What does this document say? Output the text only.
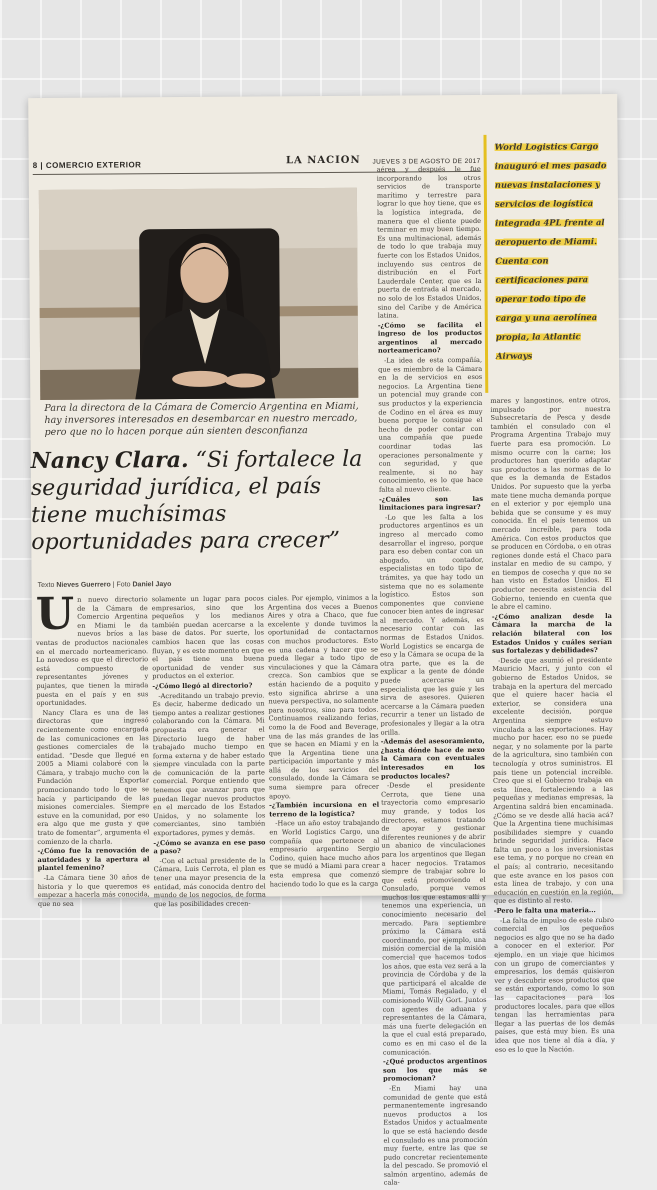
8 | COMERCIO EXTERIOR	LA NACION JUEVES 3 DE AGOSTO DE 2017
Para la directora de la Cámara de Comercio Argentina en Miami, hay inversores interesados en desembarcar en nuestro mercado, pero que no lo hacen porque aún sienten desconfianza
Nancy Clara. “Si fortalece la seguridad jurídica, el país tiene muchísimas oportunidades para crecer”
Texto Nieves Guerrero | Foto Daniel Jayo
World Logistics Cargo inauguró el mes pasado nuevas instalaciones y servicios de logística integrada 4PL frente al aeropuerto de Miami. Cuenta con certificaciones para operar todo tipo de carga y una aerolínea propia, la Atlantic Airways
U n nuevo directorio de la Cámara de Comercio Argentina en Miami le da nuevos bríos a las ventas de productos nacionales en el mercado norteamericano. Lo novedoso es que el directorio está compuesto de representantes jóvenes y pujantes, que tienen la mirada puesta en el país y en sus oportunidades.

Nancy Clara es una de las directoras que ingresó recientemente como encargada de las comunicaciones en las gestiones comerciales de la entidad. “Desde que llegué en 2005 a Miami colaboré con la Cámara, y trabajo mucho con la Fundación Exportar promocionando todo lo que se hacía y participando de las misiones comerciales. Siempre estuve en la comunidad, por eso era algo que me gusta y que trato de fomentar”, argumenta el comienzo de la charla.

-¿Cómo fue la renovación de autoridades y la apertura al plantel femenino?

-La Cámara tiene 30 años de historia y lo que queremos es empezar a hacerla más conocida, que no sea

solamente un lugar para pocos empresarios, sino que los pequeños y los medianos también puedan acercarse a la base de datos. Por suerte, los cambios hacen que las cosas fluyan, y es este momento en que el país tiene una buena oportunidad de vender sus productos en el exterior.

-¿Cómo llegó al directorio?

-Acreditando un trabajo previo. Es decir, haberme dedicado un tiempo antes a realizar gestiones colaborando con la Cámara. Mi propuesta era generar el Directorio luego de haber trabajado mucho tiempo en forma externa y de haber estado siempre vinculada con la parte de comunicación de la parte comercial. Porque entiendo que tenemos que avanzar para que puedan llegar nuevos productos en el mercado de los Estados Unidos, y no solamente los comerciantes, sino también exportadores, pymes y demás.

-¿Cómo se avanza en ese paso a paso?

-Con el actual presidente de la Cámara, Luis Cerrota, el plan es tener una mayor presencia de la entidad, más conocida dentro del mundo de los negocios, de forma que las posibilidades crecen-

ciales. Por ejemplo, vinimos a la Argentina dos veces a Buenos Aires y otra a Chaco, que fue excelente y donde tuvimos la oportunidad de contactarnos con muchos productores. Esto es una cadena y hacer que se pueda llegar a todo tipo de vinculaciones y que la Cámara crezca. Son cambios que se están haciendo de a poquito y esto significa abrirse a una nueva perspectiva, no solamente para nosotros, sino para todos. Continuamos realizando ferias, como la de Food and Beverage, una de las más grandes de las que se hacen en Miami y en la que la Argentina tiene una participación importante y más allá de los servicios del consulado, donde la Cámara se suma siempre para ofrecer apoyo.

-¿También incursiona en el terreno de la logística?

-Hace un año estoy trabajando en World Logistics Cargo, una compañía que pertenece al empresario argentino Sergio Codino, quien hace mucho años que se mudó a Miami para crear esta empresa que comenzó haciendo todo lo que es la carga

aérea y después le fue incorporando los otros servicios de transporte marítimo y terrestre para lograr lo que hoy tiene, que es la logística integrada, de manera que el cliente puede terminar en muy buen tiempo. Es una multinacional, además de todo lo que trabaja muy fuerte con los Estados Unidos, incluyendo sus centros de distribución en el Fort Lauderdale Center, que es la puerta de entrada al mercado, no solo de los Estados Unidos, sino del Caribe y de América latina.

-¿Cómo se facilita el ingreso de los productos argentinos al mercado norteamericano?

-La idea de esta compañía, que es miembro de la Cámara en la de servicios en esos negocios. La Argentina tiene un potencial muy grande con sus productos y la experiencia de Codino en el área es muy buena porque le consigue el hecho de poder contar con una compañía que puede coordinar todas las operaciones personalmente y con seguridad, y que realmente, si no hay conocimiento, es lo que hace falta al nuevo cliente.

-¿Cuáles son las limitaciones para ingresar?

-Lo que les falta a los productores argentinos es un ingreso al mercado como desarrollar el ingreso, porque para eso deben contar con un abogado, un contador, especialistas en todo tipo de trámites, ya que hay todo un sistema que no es solamente logístico. Estos son componentes que conviene conocer bien antes de ingresar al mercado. Y además, es necesario contar con las normas de Estados Unidos. World Logistics se encarga de eso y la Cámara se ocupa de la otra parte, que es la de explicar a la gente de dónde puede acercarse un especialista que les guíe y les sirva de asesores. Quieren acercarse a la Cámara pueden recurrir a tener un listado de profesionales y llegar a la otra orilla.

-Además del asesoramiento, ¿hasta dónde hace de nexo la Cámara con eventuales interesados en los productos locales?

-Desde el presidente Cerrota, que tiene una trayectoria como empresario muy grande, y todos los directores, estamos tratando de apoyar y gestionar diferentes reuniones y de abrir un abanico de vinculaciones para los argentinos que llegan a hacer negocios. Tratamos siempre de trabajar sobre lo que está promoviendo el Consulado, porque vemos muchos los que estamos allí y tenemos una experiencia, un conocimiento necesario del mercado. Para septiembre próximo la Cámara está coordinando, por ejemplo, una misión comercial de la misión comercial que hacemos todos los años, que esta vez será a la provincia de Córdoba y de la que participará el alcalde de Miami, Tomás Regalado, y el comisionado Willy Gort. Juntos con agentes de aduana y representantes de la Cámara, más una fuerte delegación en la que el cual está preparado, como es en mi caso el de la comunicación.

-¿Qué productos argentinos son los que más se promocionan?

-En Miami hay una comunidad de gente que está permanentemente ingresando nuevos productos a los Estados Unidos y actualmente lo que se está haciendo desde el consulado es una promoción muy fuerte, entre las que se pudo concretar recientemente la del pescado. Se promovió el salmón argentino, además de cala-

mares y langostinos, entre otros, impulsado por nuestra Subsecretaría de Pesca y desde también el consulado con el Programa Argentina Trabajo muy fuerte para esa promoción. Lo mismo ocurre con la carne; los productores han querido adaptar sus productos a las normas de lo que es la demanda de Estados Unidos. Por supuesto que la yerba mate tiene mucha demanda porque en el exterior y por ejemplo una bebida que se consume y es muy conocida. En el país tenemos un mercado increíble, para toda América. Con estos productos que se producen en Córdoba, o en otras regiones donde está el Chaco para instalar en medio de su campo, y en tiempos de cosecha y que no se han visto en Estados Unidos. El productor necesita asistencia del Gobierno, teniendo en cuenta que le abre el camino.

-¿Cómo analizan desde la Cámara la marcha de la relación bilateral con los Estados Unidos y cuáles serían sus fortalezas y debilidades?

-Desde que asumió el presidente Mauricio Macri, y junto con el gobierno de Estados Unidos, se trabaja en la apertura del mercado que el quiere hacer hacia el exterior, se considera una excelente decisión, porque Argentina siempre estuvo vinculada a las exportaciones. Hay mucho por hacer, eso no se puede negar, y no solamente por la parte de la agricultura, sino también con tecnología y otros suministros. El país tiene un potencial increíble. Creo que si el Gobierno trabaja en esta línea, fortaleciendo a las pequeñas y medianas empresas, la Argentina saldrá bien encaminada. ¿Cómo se ve desde allá hacia acá? Que la Argentina tiene muchísimas posibilidades siempre y cuando brinde seguridad jurídica. Hace falta un poco a los inversionistas ese tema, y no porque no crean en el país; al contrario, necesitando que este avance en los pasos con esta línea de trabajo, y con una educación en cuestión en la región, que es distinto al resto.

-Pero le falta una materia...

-La falta de impulso de este rubro comercial en los pequeños negocios es algo que no se ha dado a conocer en el exterior. Por ejemplo, en un viaje que hicimos con un grupo de comerciantes y empresarios, los demás quisieron ver y descubrir esos productos que se están exportando, como lo son las capacitaciones para los productores locales, para que ellos tengan las herramientas para llegar a las puertas de los demás países, que está muy bien. Es una idea que nos tiene al día a día, y eso es lo que la Nación.
